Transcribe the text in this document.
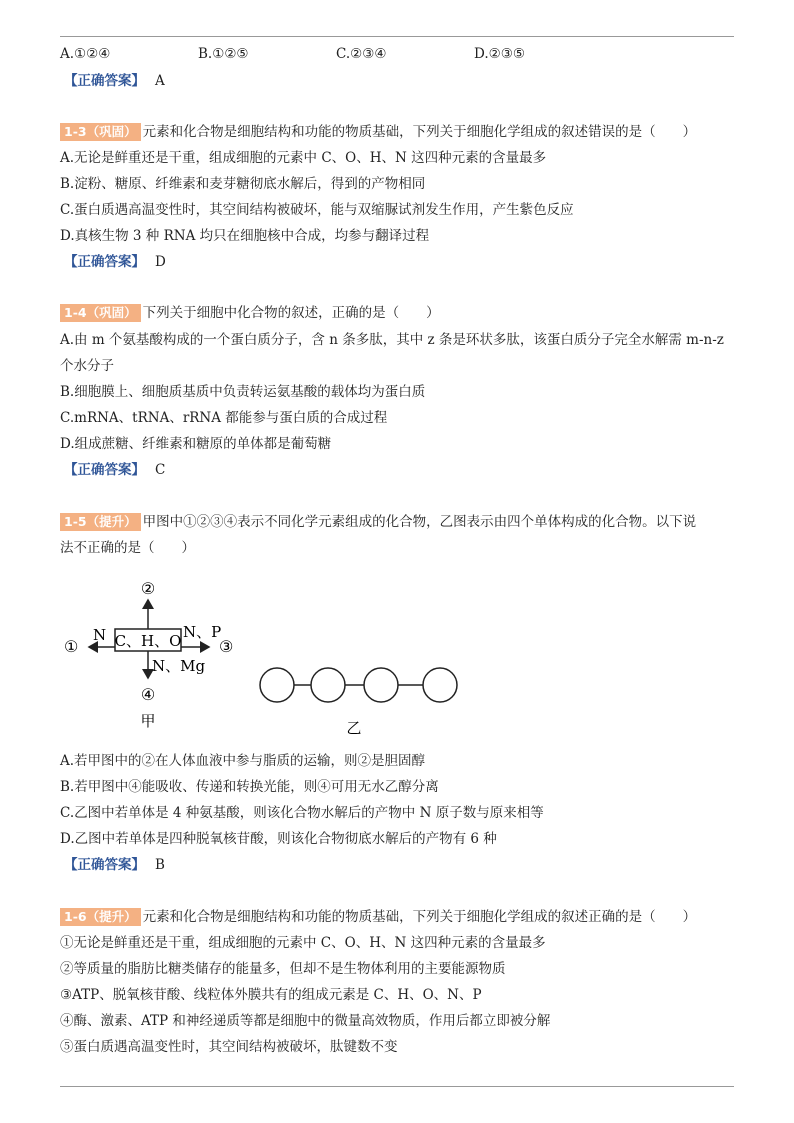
A.①②④	B.①②⑤	C.②③④	D.②③⑤
【正确答案】 A
1-3（巩固） 元素和化合物是细胞结构和功能的物质基础，下列关于细胞化学组成的叙述错误的是（　　）
A.无论是鲜重还是干重，组成细胞的元素中 C、O、H、N 这四种元素的含量最多
B.淀粉、糖原、纤维素和麦芽糖彻底水解后，得到的产物相同
C.蛋白质遇高温变性时，其空间结构被破坏，能与双缩脲试剂发生作用，产生紫色反应
D.真核生物 3 种 RNA 均只在细胞核中合成，均参与翻译过程
【正确答案】 D
1-4（巩固） 下列关于细胞中化合物的叙述，正确的是（　　）
A.由 m 个氨基酸构成的一个蛋白质分子，含 n 条多肽，其中 z 条是环状多肽，该蛋白质分子完全水解需 m-n-z
个水分子
B.细胞膜上、细胞质基质中负责转运氨基酸的载体均为蛋白质
C.mRNA、tRNA、rRNA 都能参与蛋白质的合成过程
D.组成蔗糖、纤维素和糖原的单体都是葡萄糖
【正确答案】 C
1-5（提升） 甲图中①②③④表示不同化学元素组成的化合物，乙图表示由四个单体构成的化合物。以下说
法不正确的是（　　）
C、H、O
②
N
①
N、P
③
N、Mg
④
甲	乙
A.若甲图中的②在人体血液中参与脂质的运输，则②是胆固醇
B.若甲图中④能吸收、传递和转换光能，则④可用无水乙醇分离
C.乙图中若单体是 4 种氨基酸，则该化合物水解后的产物中 N 原子数与原来相等
D.乙图中若单体是四种脱氧核苷酸，则该化合物彻底水解后的产物有 6 种
【正确答案】 B
1-6（提升） 元素和化合物是细胞结构和功能的物质基础，下列关于细胞化学组成的叙述正确的是（　　）
①无论是鲜重还是干重，组成细胞的元素中 C、O、H、N 这四种元素的含量最多
②等质量的脂肪比糖类储存的能量多，但却不是生物体利用的主要能源物质
③ATP、脱氧核苷酸、线粒体外膜共有的组成元素是 C、H、O、N、P
④酶、激素、ATP 和神经递质等都是细胞中的微量高效物质，作用后都立即被分解
⑤蛋白质遇高温变性时，其空间结构被破坏，肽键数不变
